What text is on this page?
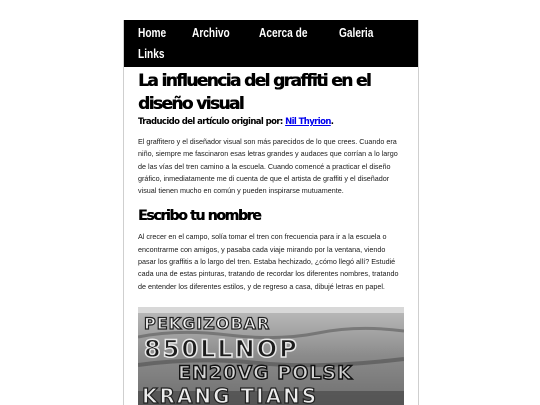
Home Archivo Acerca de Galeria
Links
La influencia del graffiti en el diseño visual
Traducido del artículo original por: Nil Thyrion.

El graffitero y el diseñador visual son más parecidos de lo que crees. Cuando era niño, siempre me fascinaron esas letras grandes y audaces que corrían a lo largo de las vías del tren camino a la escuela. Cuando comencé a practicar el diseño gráfico, inmediatamente me di cuenta de que el artista de graffiti y el diseñador visual tienen mucho en común y pueden inspirarse mutuamente.

Escribo tu nombre

Al crecer en el campo, solía tomar el tren con frecuencia para ir a la escuela o encontrarme con amigos, y pasaba cada viaje mirando por la ventana, viendo pasar los graffitis a lo largo del tren. Estaba hechizado, ¿cómo llegó allí? Estudié cada una de estas pinturas, tratando de recordar los diferentes nombres, tratando de entender los diferentes estilos, y de regreso a casa, dibujé letras en papel.

PEKGIZOBAR
850LLNOP
EN20VG POLSK
KRANG TIANS
